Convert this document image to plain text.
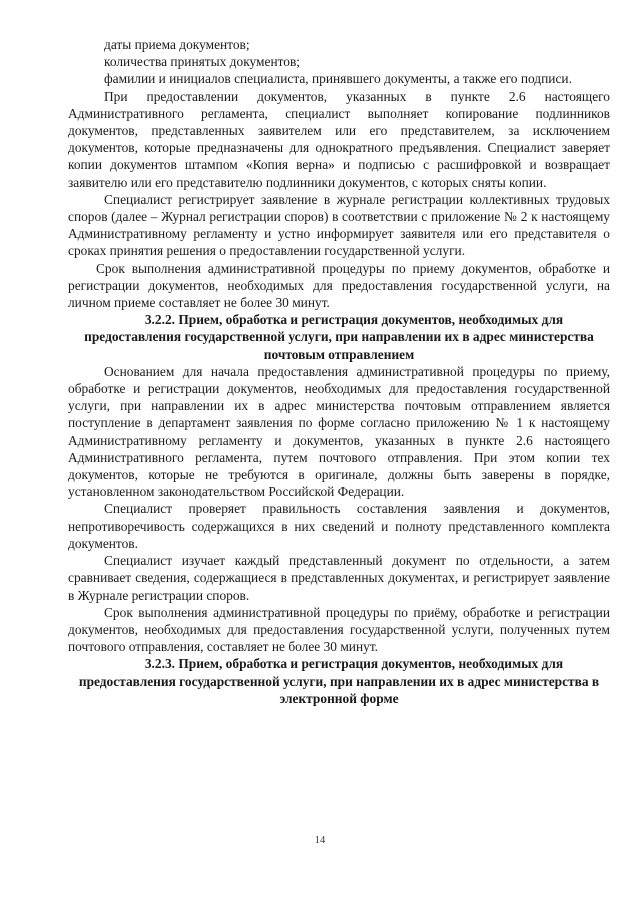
даты приема документов;

количества принятых документов;

фамилии и инициалов специалиста, принявшего документы, а также его подписи.

При предоставлении документов, указанных в пункте 2.6 настоящего Административного регламента, специалист выполняет копирование подлинников документов, представленных заявителем или его представителем, за исключением документов, которые предназначены для однократного предъявления. Специалист заверяет копии документов штампом «Копия верна» и подписью с расшифровкой и возвращает заявителю или его представителю подлинники документов, с которых сняты копии.

Специалист регистрирует заявление в журнале регистрации коллективных трудовых споров (далее – Журнал регистрации споров) в соответствии с приложение № 2 к настоящему Административному регламенту и устно информирует заявителя или его представителя о сроках принятия решения о предоставлении государственной услуги.

Срок выполнения административной процедуры по приему документов, обработке и регистрации документов, необходимых для предоставления государственной услуги, на личном приеме составляет не более 30 минут.

3.2.2. Прием, обработка и регистрация документов, необходимых для предоставления государственной услуги, при направлении их в адрес министерства почтовым отправлением

Основанием для начала предоставления административной процедуры по приему, обработке и регистрации документов, необходимых для предоставления государственной услуги, при направлении их в адрес министерства почтовым отправлением является поступление в департамент заявления по форме согласно приложению № 1 к настоящему Административному регламенту и документов, указанных в пункте 2.6 настоящего Административного регламента, путем почтового отправления. При этом копии тех документов, которые не требуются в оригинале, должны быть заверены в порядке, установленном законодательством Российской Федерации.

Специалист проверяет правильность составления заявления и документов, непротиворечивость содержащихся в них сведений и полноту представленного комплекта документов.

Специалист изучает каждый представленный документ по отдельности, а затем сравнивает сведения, содержащиеся в представленных документах, и регистрирует заявление в Журнале регистрации споров.

Срок выполнения административной процедуры по приёму, обработке и регистрации документов, необходимых для предоставления государственной услуги, полученных путем почтового отправления, составляет не более 30 минут.

3.2.3. Прием, обработка и регистрация документов, необходимых для предоставления государственной услуги, при направлении их в адрес министерства в электронной форме

14
